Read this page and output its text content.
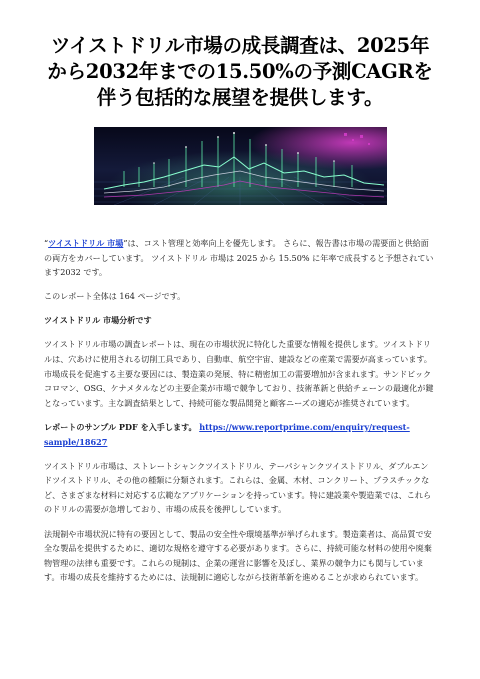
ツイストドリル市場の成長調査は、2025年から2032年までの15.50%の予測CAGRを伴う包括的な展望を提供します。

“ツイストドリル 市場”は、コスト管理と効率向上を優先します。 さらに、報告書は市場の需要面と供給面の両方をカバーしています。 ツイストドリル 市場は 2025 から 15.50% に年率で成長すると予想されています2032 です。

このレポート全体は 164 ページです。

ツイストドリル 市場分析です

ツイストドリル市場の調査レポートは、現在の市場状況に特化した重要な情報を提供します。ツイストドリルは、穴あけに使用される切削工具であり、自動車、航空宇宙、建設などの産業で需要が高まっています。市場成長を促進する主要な要因には、製造業の発展、特に精密加工の需要増加が含まれます。サンドビックコロマン、OSG、ケナメタルなどの主要企業が市場で競争しており、技術革新と供給チェーンの最適化が鍵となっています。主な調査結果として、持続可能な製品開発と顧客ニーズの適応が推奨されています。

レポートのサンプル PDF を入手します。 https://www.reportprime.com/enquiry/request-sample/18627

ツイストドリル市場は、ストレートシャンクツイストドリル、テーパシャンクツイストドリル、ダブルエンドツイストドリル、その他の種類に分類されます。これらは、金属、木材、コンクリート、プラスチックなど、さまざまな材料に対応する広範なアプリケーションを持っています。特に建設業や製造業では、これらのドリルの需要が急増しており、市場の成長を後押ししています。

法規制や市場状況に特有の要因として、製品の安全性や環境基準が挙げられます。製造業者は、高品質で安全な製品を提供するために、適切な規格を遵守する必要があります。さらに、持続可能な材料の使用や廃棄物管理の法律も重要です。これらの規制は、企業の運営に影響を及ぼし、業界の競争力にも関与しています。市場の成長を維持するためには、法規制に適応しながら技術革新を進めることが求められています。
